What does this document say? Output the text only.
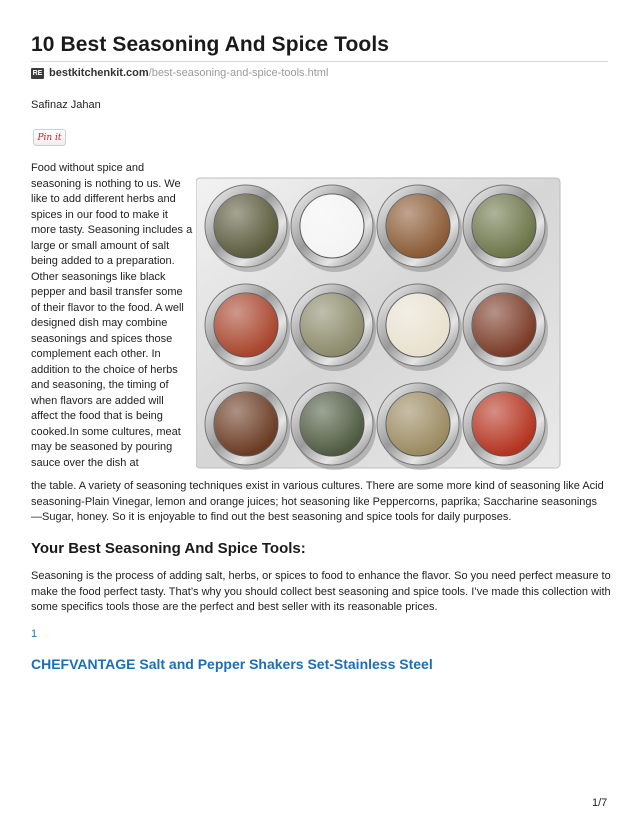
10 Best Seasoning And Spice Tools
RE bestkitchenkit.com /best-seasoning-and-spice-tools.html
Safinaz Jahan
Pin it

Food without spice and seasoning is nothing to us. We like to add different herbs and spices in our food to make it more tasty. Seasoning includes a large or small amount of salt being added to a preparation. Other seasonings like black pepper and basil transfer some of their flavor to the food. A well designed dish may combine seasonings and spices those complement each other. In addition to the choice of herbs and seasoning, the timing of when flavors are added will affect the food that is being cooked.In some cultures, meat may be seasoned by pouring sauce over the dish at

the table. A variety of seasoning techniques exist in various cultures. There are some more kind of seasoning like Acid seasoning-Plain Vinegar, lemon and orange juices; hot seasoning like Peppercorns, paprika; Saccharine seasonings—Sugar, honey. So it is enjoyable to find out the best seasoning and spice tools for daily purposes.

Your Best Seasoning And Spice Tools:

Seasoning is the process of adding salt, herbs, or spices to food to enhance the flavor. So you need perfect measure to make the food perfect tasty. That’s why you should collect best seasoning and spice tools. I’ve made this collection with some specifics tools those are the perfect and best seller with its reasonable prices.

1
CHEFVANTAGE Salt and Pepper Shakers Set-Stainless Steel
1/7
